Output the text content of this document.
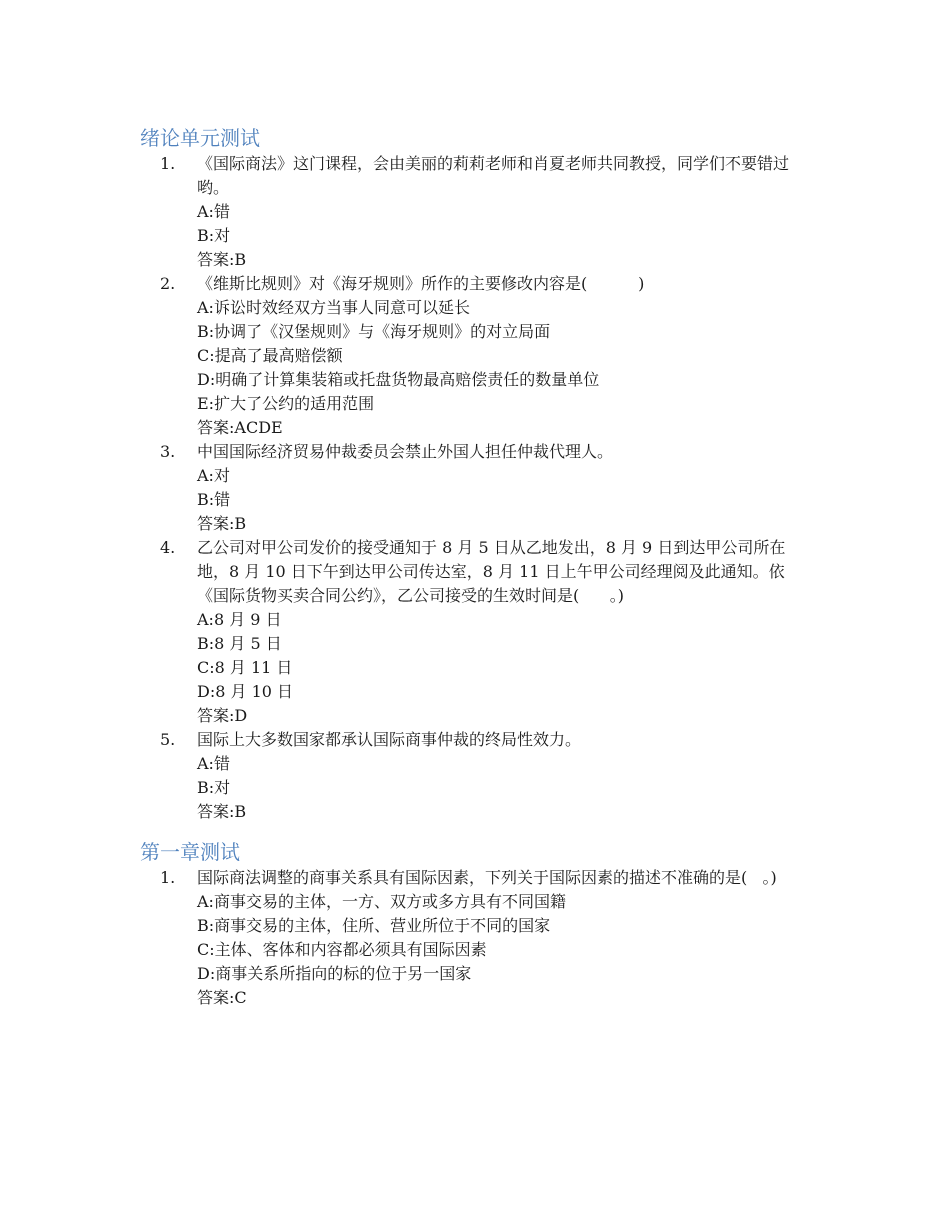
绪论单元测试
1. 《国际商法》这门课程，会由美丽的莉莉老师和肖夏老师共同教授，同学们不要错过哟。
A:错
B:对
答案:B
2. 《维斯比规则》对《海牙规则》所作的主要修改内容是(          )
A:诉讼时效经双方当事人同意可以延长
B:协调了《汉堡规则》与《海牙规则》的对立局面
C:提高了最高赔偿额
D:明确了计算集装箱或托盘货物最高赔偿责任的数量单位
E:扩大了公约的适用范围
答案:ACDE
3. 中国国际经济贸易仲裁委员会禁止外国人担任仲裁代理人。
A:对
B:错
答案:B
4. 乙公司对甲公司发价的接受通知于 8 月 5 日从乙地发出，8 月 9 日到达甲公司所在地，8 月 10 日下午到达甲公司传达室，8 月 11 日上午甲公司经理阅及此通知。依《国际货物买卖合同公约》，乙公司接受的生效时间是(      。)
A:8 月 9 日
B:8 月 5 日
C:8 月 11 日
D:8 月 10 日
答案:D
5. 国际上大多数国家都承认国际商事仲裁的终局性效力。
A:错
B:对
答案:B
第一章测试
1. 国际商法调整的商事关系具有国际因素，下列关于国际因素的描述不准确的是(   。)
A:商事交易的主体，一方、双方或多方具有不同国籍
B:商事交易的主体，住所、营业所位于不同的国家
C:主体、客体和内容都必须具有国际因素
D:商事关系所指向的标的位于另一国家
答案:C
